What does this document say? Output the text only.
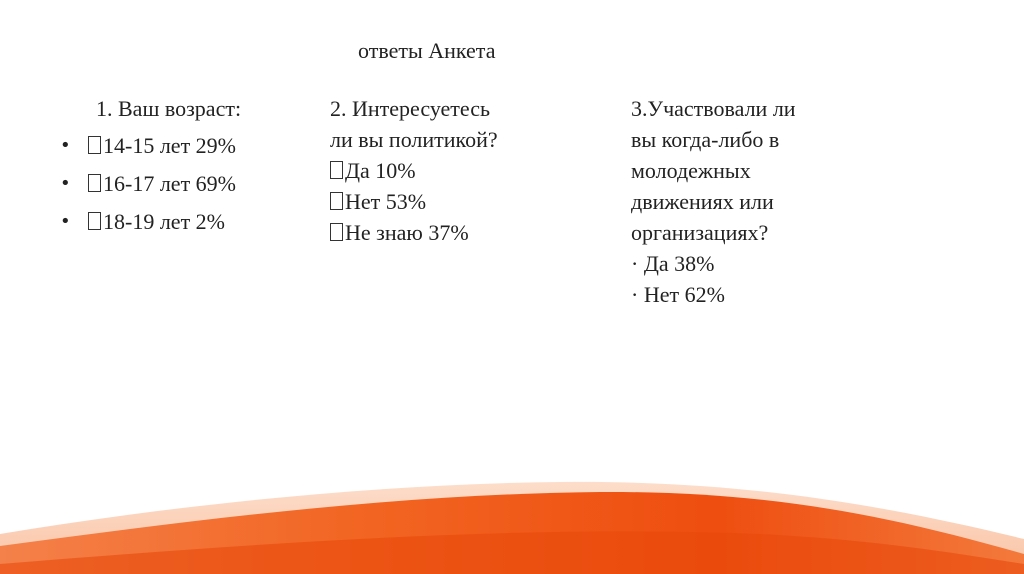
ответы Анкета
1. Ваш возраст:
• 14-15 лет 29%
• 16-17 лет 69%
• 18-19 лет 2%
2. Интересуетесь
ли вы политикой?
Да 10%
Нет 53%
Не знаю 37%
3.Участвовали ли
вы когда-либо в
молодежных
движениях или
организациях?
· Да 38%
· Нет 62%
